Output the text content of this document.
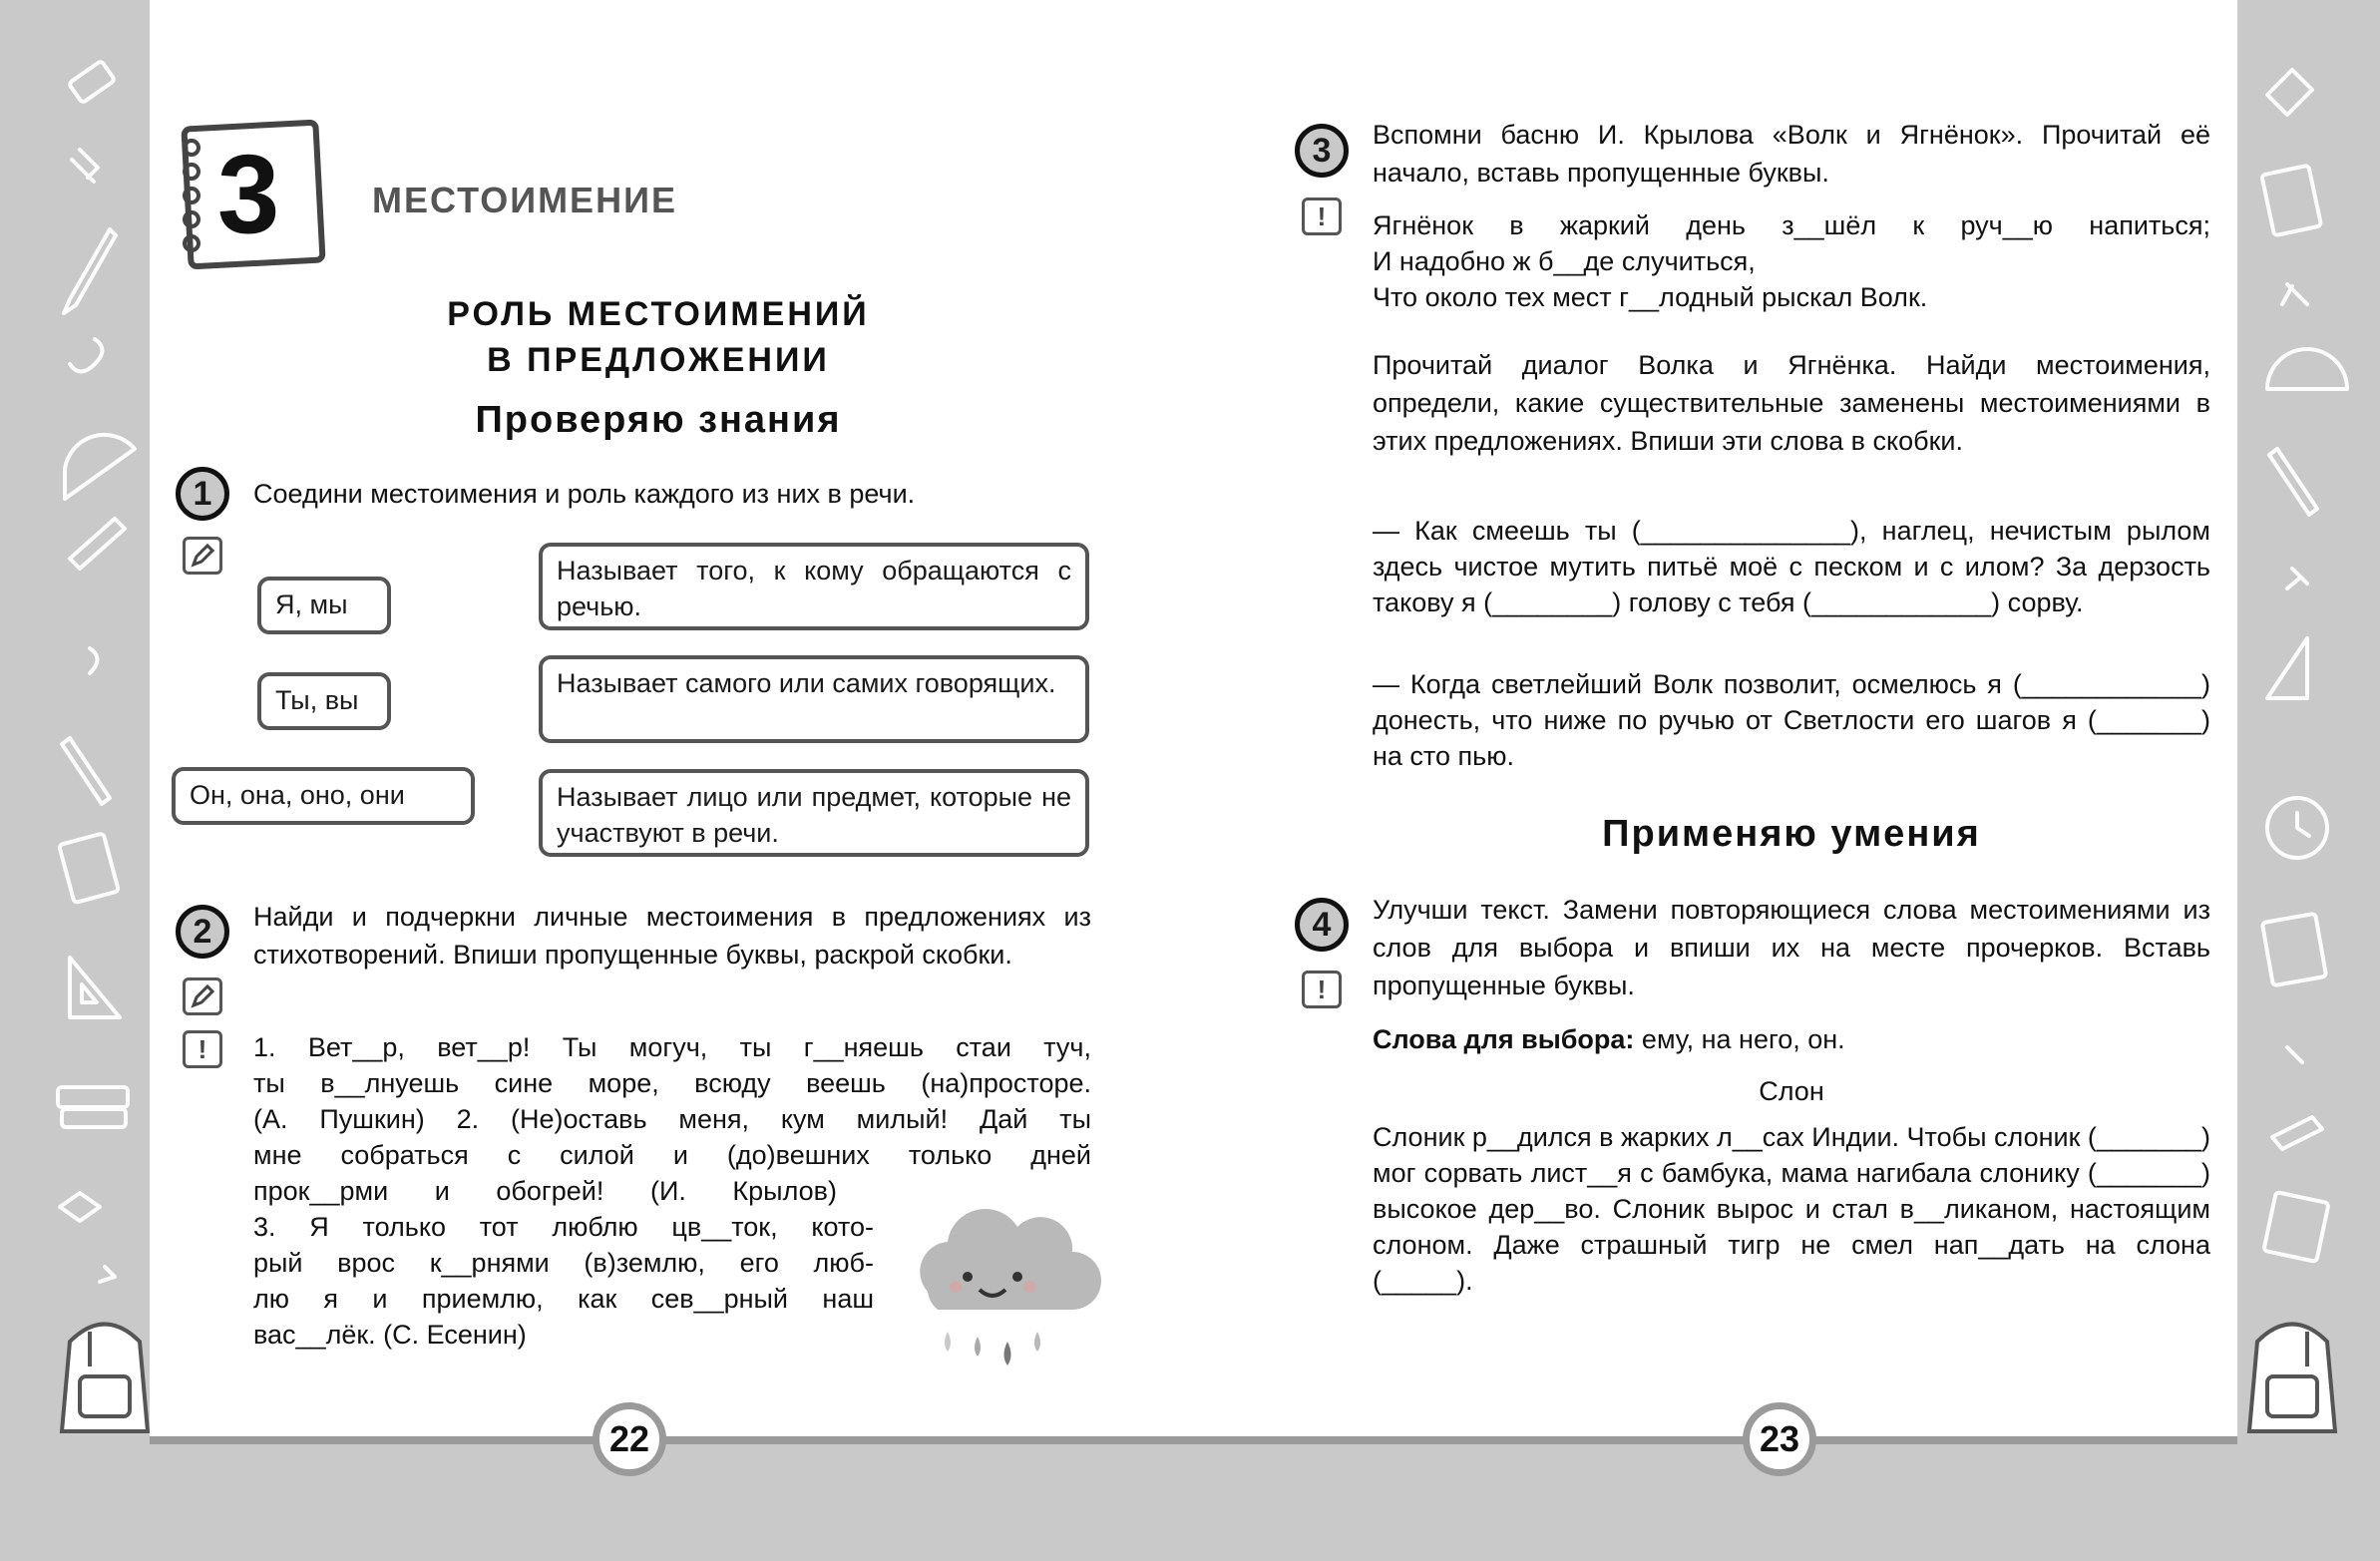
3	МЕСТОИМЕНИЕ
РОЛЬ МЕСТОИМЕНИЙ
В ПРЕДЛОЖЕНИИ
Проверяю знания
1	Соедини местоимения и роль каждого из них в речи.
Я, мы
Ты, вы
Он, она, оно, они
Называет того, к кому обращаются с речью.
Называет самого или самих говорящих.
Называет лицо или предмет, которые не участвуют в речи.
2
!
Найди и подчеркни личные местоимения в предложениях из стихотворений. Впиши пропущенные буквы, раскрой скобки.

1. Вет__р, вет__р! Ты могуч, ты г__няешь стаи туч,

ты в__лнуешь сине море, всюду веешь (на)просторе.

(А. Пушкин) 2. (Не)оставь меня, кум милый! Дай ты

мне собраться с силой и (до)вешних только дней

прок__рми и обогрей! (И. Крылов)

3. Я только тот люблю цв__ток, кото-

рый врос к__рнями (в)землю, его люб-

лю я и приемлю, как сев__рный наш

вас__лёк. (С. Есенин)

22
3
!
Вспомни басню И. Крылова «Волк и Ягнёнок». Прочитай её начало, вставь пропущенные буквы.

Ягнёнок в жаркий день з__шёл к руч__ю напиться;

И надобно ж б__де случиться,

Что около тех мест г__лодный рыскал Волк.

Прочитай диалог Волка и Ягнёнка. Найди местоимения, определи, какие существительные заменены местоимениями в этих предложениях. Впиши эти слова в скобки.
— Как смеешь ты (______________), наглец, нечистым рылом здесь чистое мутить питьё моё с песком и с илом? За дерзость такову я (________) голову с тебя (____________) сорву.
— Когда светлейший Волк позволит, осмелюсь я (____________) донесть, что ниже по ручью от Светлости его шагов я (_______) на сто пью.
Применяю умения
4
!
Улучши текст. Замени повторяющиеся слова местоимениями из слов для выбора и впиши их на месте прочерков. Вставь пропущенные буквы.
Слова для выбора: ему, на него, он.
Слон
Слоник р__дился в жарких л__сах Индии. Чтобы слоник (_______) мог сорвать лист__я с бамбука, мама нагибала слонику (_______) высокое дер__во. Слоник вырос и стал в__ликаном, настоящим слоном. Даже страшный тигр не смел нап__дать на слона (_____).
23
